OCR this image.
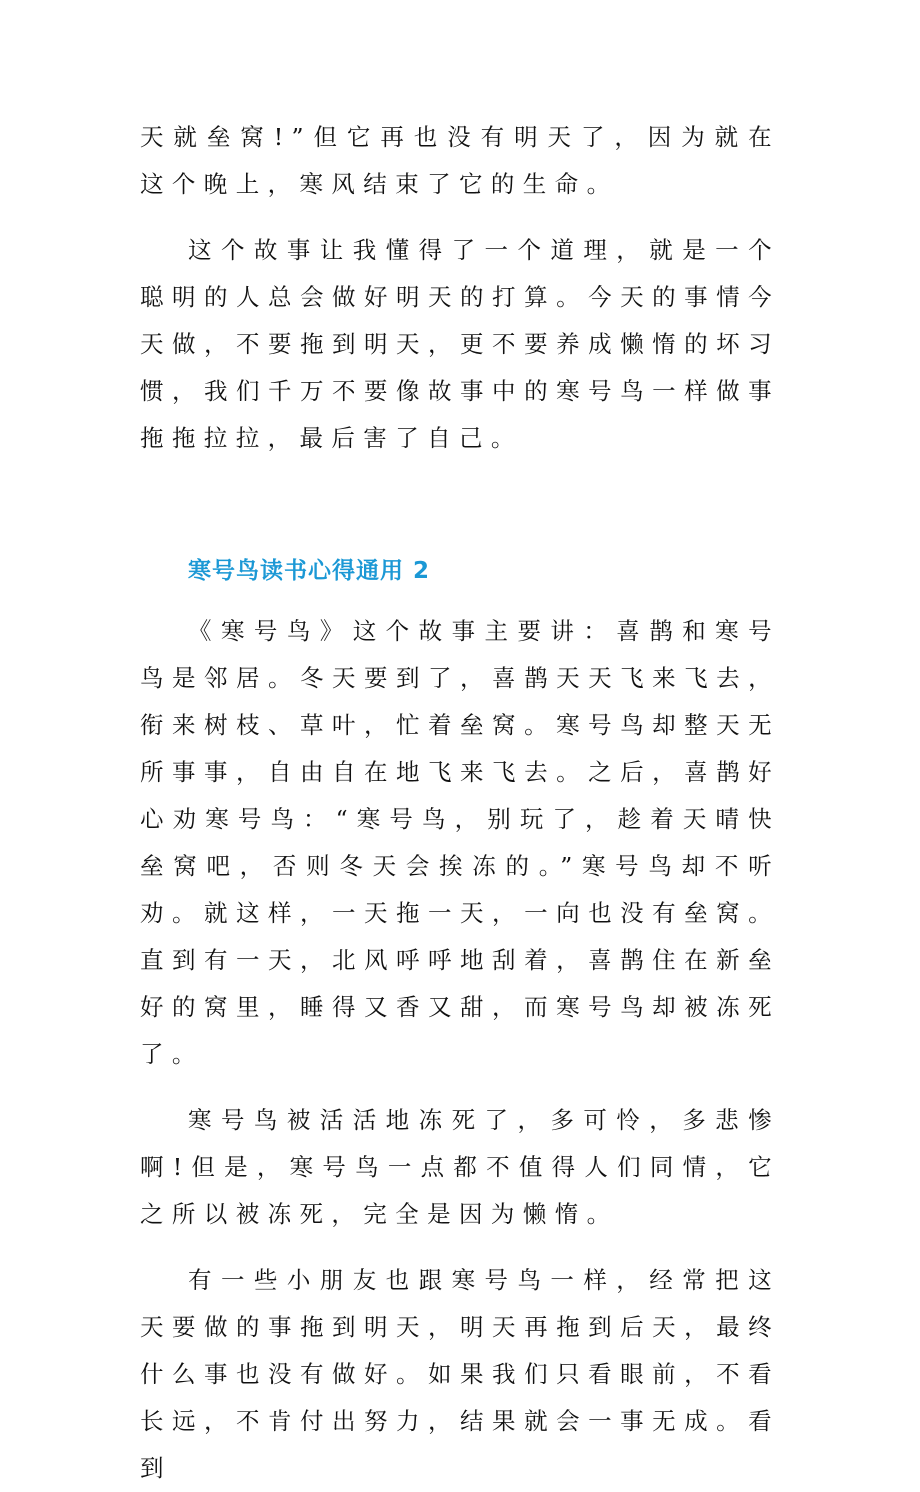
天就垒窝!”但它再也没有明天了，因为就在这个晚上，寒风结束了它的生命。

这个故事让我懂得了一个道理，就是一个聪明的人总会做好明天的打算。今天的事情今天做，不要拖到明天，更不要养成懒惰的坏习惯，我们千万不要像故事中的寒号鸟一样做事拖拖拉拉，最后害了自己。

寒号鸟读书心得通用 2

《寒号鸟》这个故事主要讲：喜鹊和寒号鸟是邻居。冬天要到了，喜鹊天天飞来飞去，衔来树枝、草叶，忙着垒窝。寒号鸟却整天无所事事，自由自在地飞来飞去。之后，喜鹊好心劝寒号鸟：“寒号鸟，别玩了，趁着天晴快垒窝吧，否则冬天会挨冻的。”寒号鸟却不听劝。就这样，一天拖一天，一向也没有垒窝。直到有一天，北风呼呼地刮着，喜鹊住在新垒好的窝里，睡得又香又甜，而寒号鸟却被冻死了。

寒号鸟被活活地冻死了，多可怜，多悲惨啊!但是，寒号鸟一点都不值得人们同情，它之所以被冻死，完全是因为懒惰。

有一些小朋友也跟寒号鸟一样，经常把这天要做的事拖到明天，明天再拖到后天，最终什么事也没有做好。如果我们只看眼前，不看长远，不肯付出努力，结果就会一事无成。看到
